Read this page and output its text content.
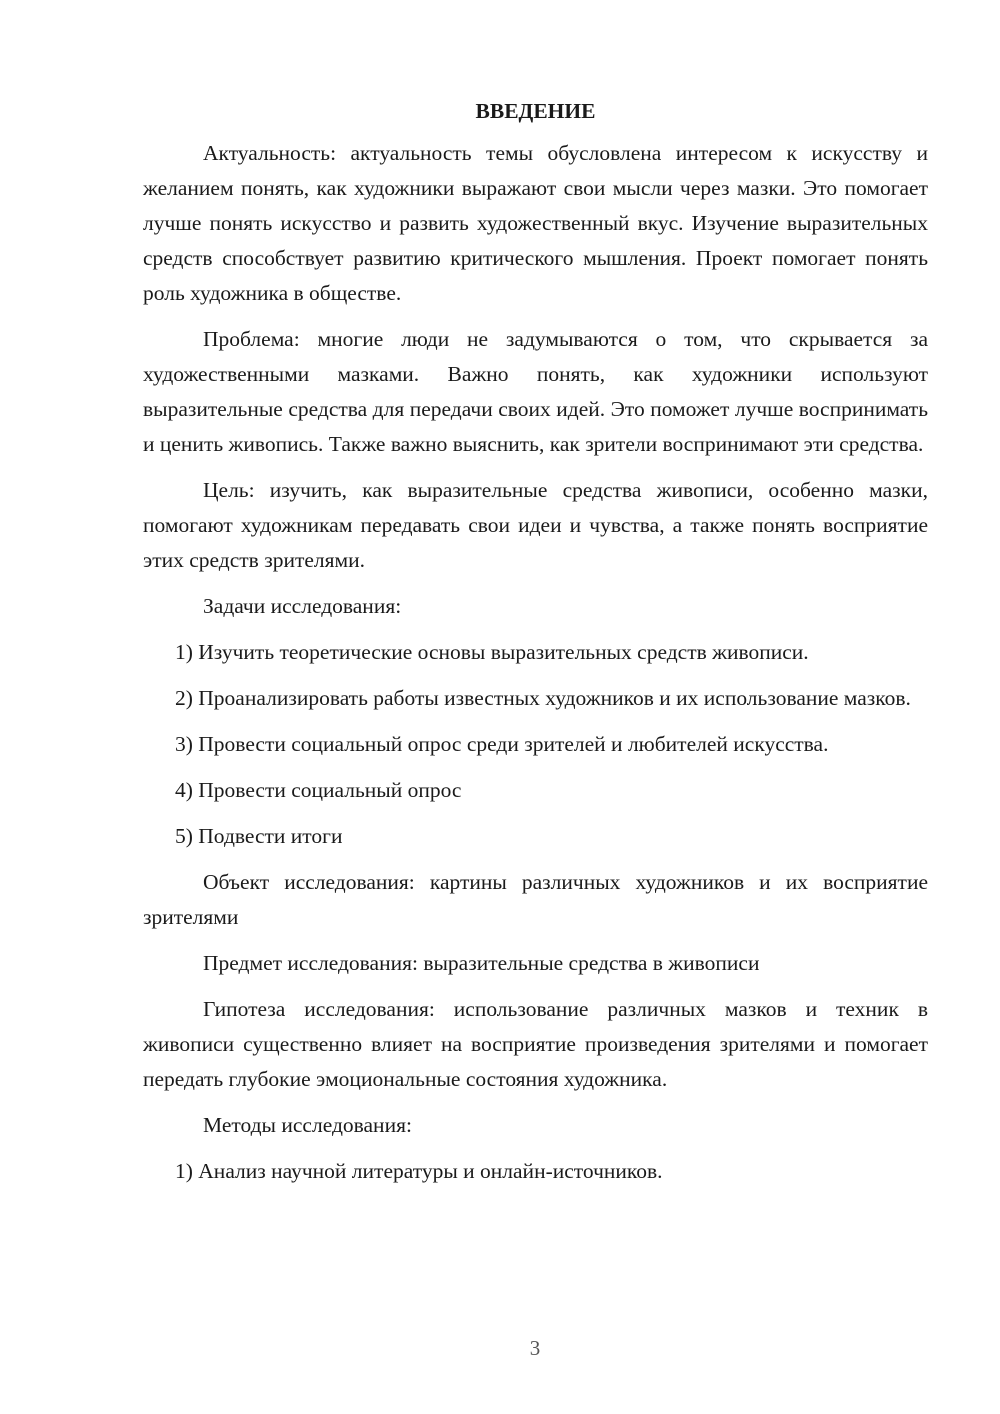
ВВЕДЕНИЕ
Актуальность: актуальность темы обусловлена интересом к искусству и желанием понять, как художники выражают свои мысли через мазки. Это помогает лучше понять искусство и развить художественный вкус. Изучение выразительных средств способствует развитию критического мышления. Проект помогает понять роль художника в обществе.
Проблема: многие люди не задумываются о том, что скрывается за художественными мазками. Важно понять, как художники используют выразительные средства для передачи своих идей. Это поможет лучше воспринимать и ценить живопись. Также важно выяснить, как зрители воспринимают эти средства.
Цель: изучить, как выразительные средства живописи, особенно мазки, помогают художникам передавать свои идеи и чувства, а также понять восприятие этих средств зрителями.
Задачи исследования:
1) Изучить теоретические основы выразительных средств живописи.
2) Проанализировать работы известных художников и их использование мазков.
3) Провести социальный опрос среди зрителей и любителей искусства.
4) Провести социальный опрос
5) Подвести итоги
Объект исследования: картины различных художников и их восприятие зрителями
Предмет исследования: выразительные средства в живописи
Гипотеза исследования: использование различных мазков и техник в живописи существенно влияет на восприятие произведения зрителями и помогает передать глубокие эмоциональные состояния художника.
Методы исследования:
1) Анализ научной литературы и онлайн-источников.
3
